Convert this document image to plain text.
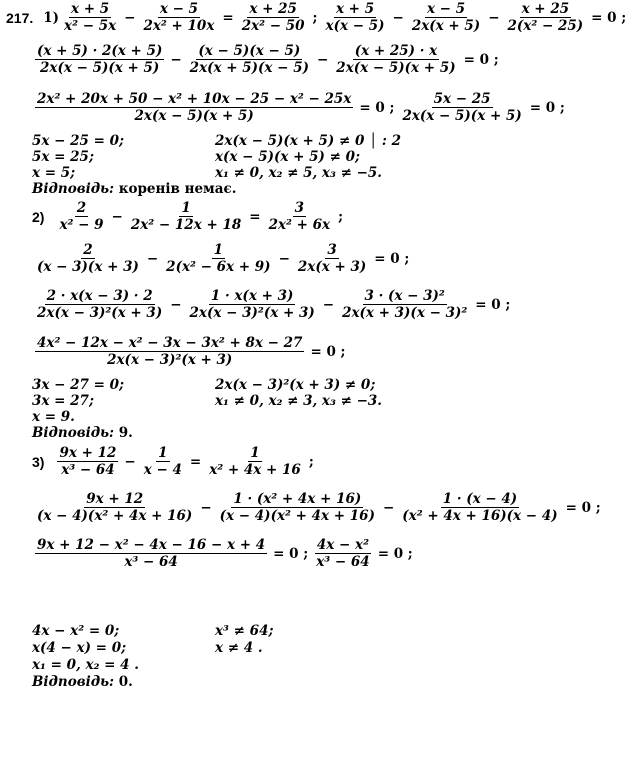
217. $1) \frac{x + 5}{\text{x² − 5x}} - \frac{x - 5}{\text{2x² + 10x}} = \frac{x + 25}{\text{2x² − 50}}$ ; $\frac{x + 5}{x(x - 5)} - \frac{x - 5}{2x(x + 5)} - \frac{x + 25}{\text{2(x² − 25)}} = 0$ ;
$\frac{(x + 5) \cdot 2(x + 5)}{2x(x - 5)(x + 5)} - \frac{(x - 5)(x - 5)}{2x(x + 5)(x - 5)} - \frac{(x + 25) \cdot x}{2x(x - 5)(x + 5)} = 0$ ;
$\frac{\text{2x² + 20x + 50 − x² + 10x − 25 − x² − 25x}}{2x(x - 5)(x + 5)} = 0$ ; $\frac{5x - 25}{2x(x - 5)(x + 5)} = 0$ ;
5x − 25 = 0;
5x = 25;
x = 5;
2x(x − 5)(x + 5) ≠ 0 │ : 2
x(x − 5)(x + 5) ≠ 0;
x₁ ≠ 0, x₂ ≠ 5, x₃ ≠ −5.
Відповідь: коренів немає.
$2) \frac{2}{\text{x² − 9}} - \frac{1}{\text{2x² − 12x + 18}} = \frac{3}{\text{2x² + 6x}}$ ;
$\frac{2}{(x - 3)(x + 3)} - \frac{1}{\text{2(x² − 6x + 9)}} - \frac{3}{2x(x + 3)} = 0$ ;
$\frac{2 \cdot x(x - 3) \cdot 2}{\text{2x(x − 3)²(x + 3)}} - \frac{1 \cdot x(x + 3)}{\text{2x(x − 3)²(x + 3)}} - \frac{\text{3 · (x − 3)²}}{\text{2x(x + 3)(x − 3)²}} = 0$ ;
$\frac{\text{4x² − 12x − x² − 3x − 3x² + 8x − 27}}{\text{2x(x − 3)²(x + 3)}} = 0$ ;
3x − 27 = 0;
3x = 27;
x = 9.
2x(x − 3)²(x + 3) ≠ 0;
x₁ ≠ 0, x₂ ≠ 3, x₃ ≠ −3.
Відповідь: 9.
$3) \frac{9x + 12}{\text{x³ − 64}} - \frac{1}{x - 4} = \frac{1}{\text{x² + 4x + 16}}$ ;
$\frac{9x + 12}{\text{(x − 4)(x² + 4x + 16)}} - \frac{\text{1 · (x² + 4x + 16)}}{\text{(x − 4)(x² + 4x + 16)}} - \frac{1 \cdot (x - 4)}{\text{(x² + 4x + 16)(x − 4)}} = 0$ ;
$\frac{\text{9x + 12 − x² − 4x − 16 − x + 4}}{\text{x³ − 64}} = 0$ ; $\frac{\text{4x − x²}}{\text{x³ − 64}} = 0$ ;
4x − x² = 0;
x(4 − x) = 0;
x₁ = 0, x₂ = 4 .
x³ ≠ 64;
x ≠ 4 .
Відповідь: 0.
